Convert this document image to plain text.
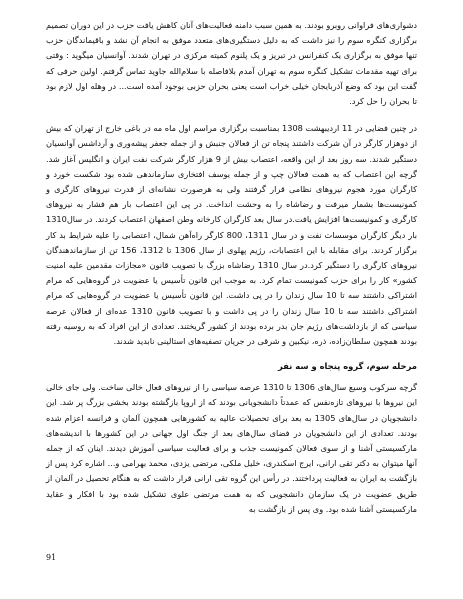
دشواری‌های فراوانی روبرو بودند. به همین سبب دامنه فعالیت‌های آنان کاهش یافت حزب در این دوران تصمیم برگزاری کنگره سوم را نیز داشت که به دلیل دستگیری‌های متعدد موفق به انجام آن نشد و باقیماندگان حزب تنها موفق به برگزاری یک کنفرانس در تبریز و یک پلنوم کمیته مرکزی در تهران شدند. آوانسیان میگوید : وقتی برای تهیه مقدمات تشکیل کنگره سوم به تهران آمدم بلافاصله با سلام‌الله جاوید تماس گرفتم. اولین حرفی که گفت این بود که وضع آذربایجان خیلی خراب است یعنی بحران حزبی بوجود آمده است... در وهله اول لازم بود تا بحران را حل کرد.

در چنین فضایی در 11 اردیبهشت 1308 بمناسبت برگزاری مراسم اول ماه مه در باغی خارج از تهران که بیش از دوهزار کارگر در آن شرکت داشتند پنجاه تن از فعالان جنبش و از جمله جعفر پیشه‌وری و آرداشس آوانسیان دستگیر شدند. سه روز بعد از این واقعه، اعتصاب بیش از 9 هزار کارگر شرکت نفت ایران و انگلیس آغاز شد. گرچه این اعتصاب که به همت فعالان چپ و از جمله یوسف افتخاری سازماندهی شده بود شکست خورد و کارگران مورد هجوم نیروهای نظامی قرار گرفتند ولی به هرصورت نشانه‌ای از قدرت نیروهای کارگری و کمونیست‌ها بشمار میرفت و رضاشاه را به وحشت انداخت. در پی این اعتصاب بار هم فشار به نیروهای کارگری و کمونیست‌ها افزایش یافت.در سال بعد کارگران کارخانه وطن اصفهان اعتصاب کردند. در سال1310 بار دیگر کارگران موسسات نفت و در سال 1311، 800 کارگر راه‌آهن شمال، اعتصابی را علیه شرایط بد کار برگزار کردند. برای مقابله با این اعتصابات، رژیم پهلوی از سال 1306 تا 1312، 156 تن از سازماندهندگان نیروهای کارگری را دستگیر کرد.در سال 1310 رضاشاه بزرگ با تصویب قانون «مجازات مقدمین علیه امنیت کشور» کار را برای حزب کمونیست تمام کرد. به موجب این قانون تأسیس یا عضویت در گروه‌هایی که مرام اشتراکی داشتند سه تا 10 سال زندان را در پی داشت. این قانون تأسیس یا عضویت در گروه‌هایی که مرام اشتراکی داشتند سه تا 10 سال زندان را در پی داشت و با تصویب قانون 1310 عده‌ای از فعالان عرصه سیاسی که از بازداشت‌های رژیم جان بدر برده بودند از کشور گریختند. تعدادی از این افراد که به روسیه رفته بودند همچون سلطان‌زاده، ذره، نیکبین و شرقی در جریان تصفیه‌های استالینی نابدید شدند.

مرحله سوم، گروه پنجاه و سه نفر

گرچه سرکوب وسیع سال‌های 1306 تا 1310 عرصه سیاسی را از نیروهای فعال خالی ساخت. ولی جای خالی این نیروها با نیروهای تازه‌نفس که عمدتاً دانشجویانی بودند که از اروپا بازگشته بودند بخشی بزرگ پر شد. این دانشجویان در سال‌های 1305 به بعد برای تحصیلات عالیه به کشورهایی همچون آلمان و فرانسه اعزام شده بودند. تعدادی از این دانشجویان در فضای سال‌های بعد از جنگ اول جهانی در این کشورها با اندیشه‌های مارکسیستی آشنا و از سوی فعالان کمونیست جذب و برای فعالیت سیاسی آموزش دیدند. اینان که از جمله آنها میتوان به دکتر تقی ارانی، ایرج اسکندری، خلیل ملکی، مرتضی یزدی، محمد بهرامی و... اشاره کرد پس از بازگشت به ایران به فعالیت پرداختند. در رأس این گروه تقی ارانی قرار داشت که به هنگام تحصیل در آلمان از طریق عضویت در یک سازمان دانشجویی که به همت مرتضی علوی تشکیل شده بود با افکار و عقاید مارکسیستی آشنا شده بود. وی پس از بازگشت به

91
